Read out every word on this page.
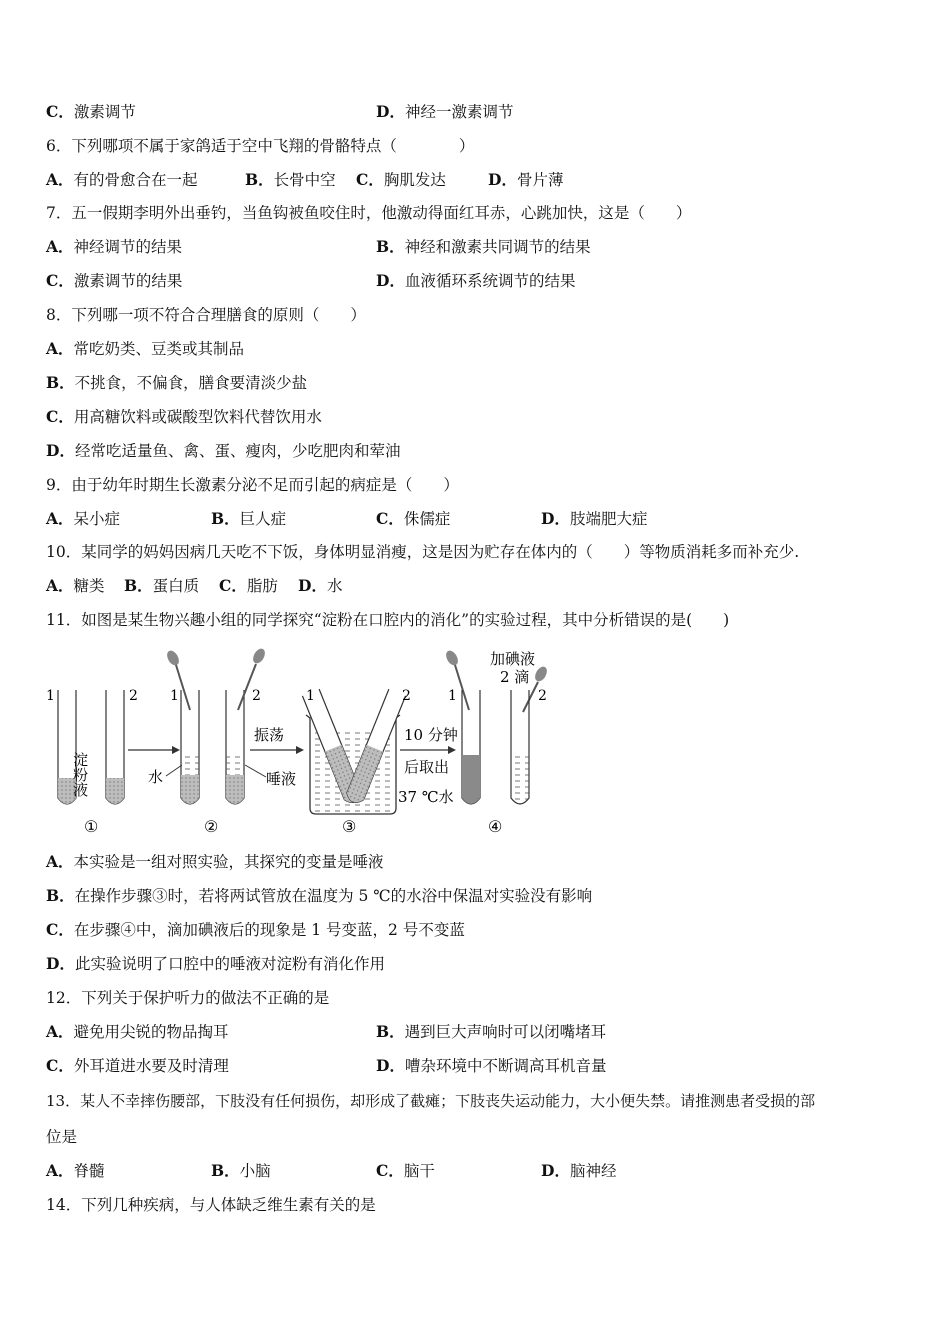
C．激素调节	D．神经一激素调节
6．下列哪项不属于家鸽适于空中飞翔的骨骼特点（　　　　）
A．有的骨愈合在一起	B．长骨中空 C．胸肌发达	D．骨片薄
7．五一假期李明外出垂钓，当鱼钩被鱼咬住时，他激动得面红耳赤，心跳加快，这是（　　）
A．神经调节的结果	B．神经和激素共同调节的结果
C．激素调节的结果	D．血液循环系统调节的结果
8．下列哪一项不符合合理膳食的原则（　　）
A．常吃奶类、豆类或其制品
B．不挑食，不偏食，膳食要清淡少盐
C．用高糖饮料或碳酸型饮料代替饮用水
D．经常吃适量鱼、禽、蛋、瘦肉，少吃肥肉和荤油
9．由于幼年时期生长激素分泌不足而引起的病症是（　　）
A．呆小症	B．巨人症	C．侏儒症	D．肢端肥大症
10．某同学的妈妈因病几天吃不下饭，身体明显消瘦，这是因为贮存在体内的（　　）等物质消耗多而补充少.
A．糖类 B．蛋白质 C．脂肪 D．水
11．如图是某生物兴趣小组的同学探究“淀粉在口腔内的消化”的实验过程，其中分析错误的是(　　)
1	2
淀粉液
①
1	2
水	唾液
②
振荡
1	2
③
10 分钟
后取出
37 ℃水
加碘液
2 滴
1	2
④
A．本实验是一组对照实验，其探究的变量是唾液
B．在操作步骤③时，若将两试管放在温度为 5 ℃的水浴中保温对实验没有影响
C．在步骤④中，滴加碘液后的现象是 1 号变蓝，2 号不变蓝
D．此实验说明了口腔中的唾液对淀粉有消化作用
12．下列关于保护听力的做法不正确的是
A．避免用尖锐的物品掏耳	B．遇到巨大声响时可以闭嘴堵耳
C．外耳道进水要及时清理	D．嘈杂环境中不断调高耳机音量
13．某人不幸摔伤腰部，下肢没有任何损伤，却形成了截瘫；下肢丧失运动能力，大小便失禁。请推测患者受损的部
位是
A．脊髓	B．小脑	C．脑干	D．脑神经
14．下列几种疾病，与人体缺乏维生素有关的是
